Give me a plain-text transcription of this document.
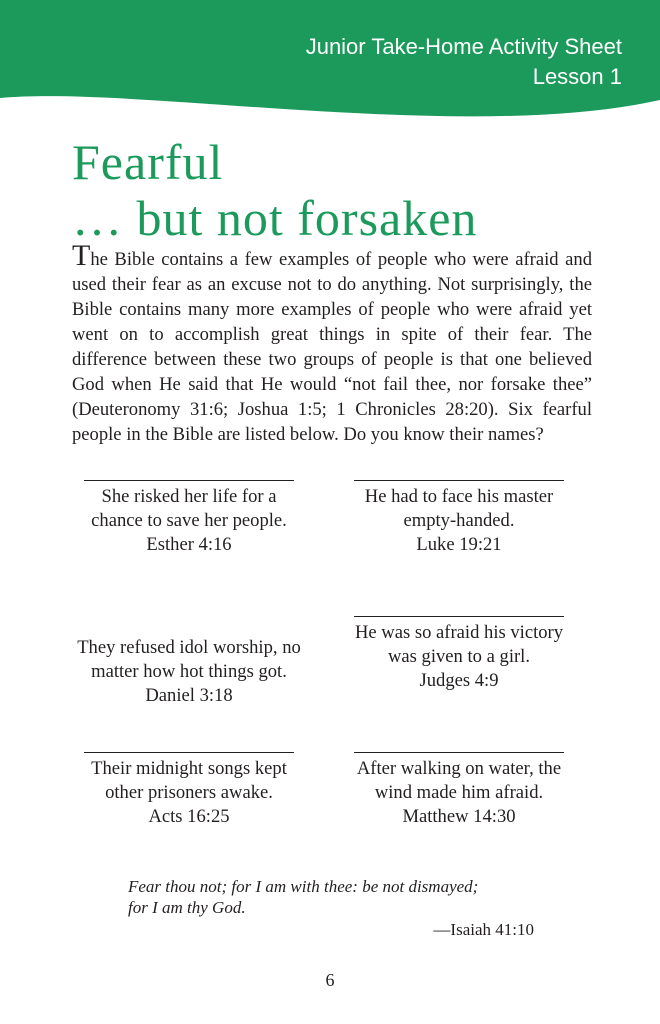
Junior Take-Home Activity Sheet
Lesson 1
Fearful
… but not forsaken
The Bible contains a few examples of people who were afraid and used their fear as an excuse not to do anything. Not surprisingly, the Bible contains many more examples of people who were afraid yet went on to accomplish great things in spite of their fear. The difference between these two groups of people is that one believed God when He said that He would “not fail thee, nor forsake thee” (Deuteronomy 31:6; Joshua 1:5; 1 Chronicles 28:20). Six fearful people in the Bible are listed below. Do you know their names?
She risked her life for a
chance to save her people.
Esther 4:16
He had to face his master
empty-handed.
Luke 19:21
They refused idol worship, no
matter how hot things got.
Daniel 3:18
He was so afraid his victory
was given to a girl.
Judges 4:9
Their midnight songs kept
other prisoners awake.
Acts 16:25
After walking on water, the
wind made him afraid.
Matthew 14:30
Fear thou not; for I am with thee: be not dismayed;
for I am thy God.
—Isaiah 41:10
6
